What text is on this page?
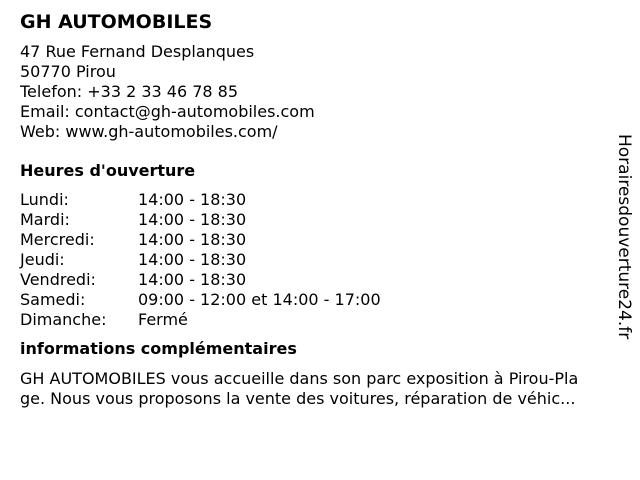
GH AUTOMOBILES
47 Rue Fernand Desplanques
50770 Pirou
Telefon: +33 2 33 46 78 85
Email: contact@gh-automobiles.com
Web: www.gh-automobiles.com/
Heures d'ouverture
Lundi:	14:00 - 18:30
Mardi:	14:00 - 18:30
Mercredi:	14:00 - 18:30
Jeudi:	14:00 - 18:30
Vendredi:	14:00 - 18:30
Samedi:	09:00 - 12:00 et 14:00 - 17:00
Dimanche:	Fermé
informations complémentaires
GH AUTOMOBILES vous accueille dans son parc exposition à Pirou-Pla
ge. Nous vous proposons la vente des voitures, réparation de véhic...
Horairesdouverture24.fr
